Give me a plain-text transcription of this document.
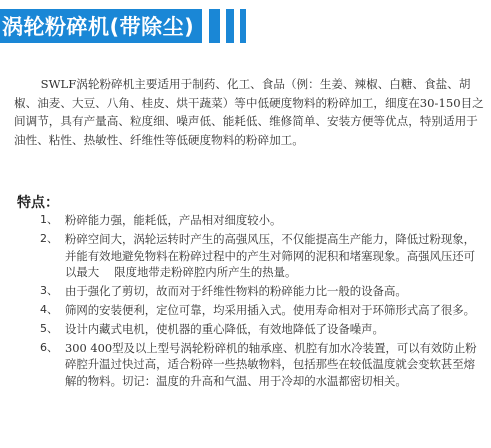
涡轮粉碎机(带除尘)

SWLF涡轮粉碎机主要适用于制药、化工、食品（例：生姜、辣椒、白糖、食盐、胡椒、油麦、大豆、八角、桂皮、烘干蔬菜）等中低硬度物料的粉碎加工，细度在30-150目之间调节，具有产量高、粒度细、噪声低、能耗低、维修简单、安装方便等优点，特别适用于油性、粘性、热敏性、纤维性等低硬度物料的粉碎加工。

特点：
1、 粉碎能力强，能耗低，产品相对细度较小。
2、 粉碎空间大，涡轮运转时产生的高强风压，不仅能提高生产能力，降低过粉现象，并能有效地避免物料在粉碎过程中的产生对筛网的泥积和堵塞现象。高强风压还可以最大　 限度地带走粉碎腔内所产生的热量。
3、 由于强化了剪切，故而对于纤维性物料的粉碎能力比一般的设备高。
4、 筛网的安装便利，定位可靠，均采用插入式。使用寿命相对于环筛形式高了很多。
5、 设计内藏式电机，使机器的重心降低，有效地降低了设备噪声。
6、 300 400型及以上型号涡轮粉碎机的轴承座、机腔有加水冷装置，可以有效防止粉碎腔升温过快过高，适合粉碎一些热敏物料，包括那些在较低温度就会变软甚至熔解的物料。切记：温度的升高和气温、用于冷却的水温都密切相关。
